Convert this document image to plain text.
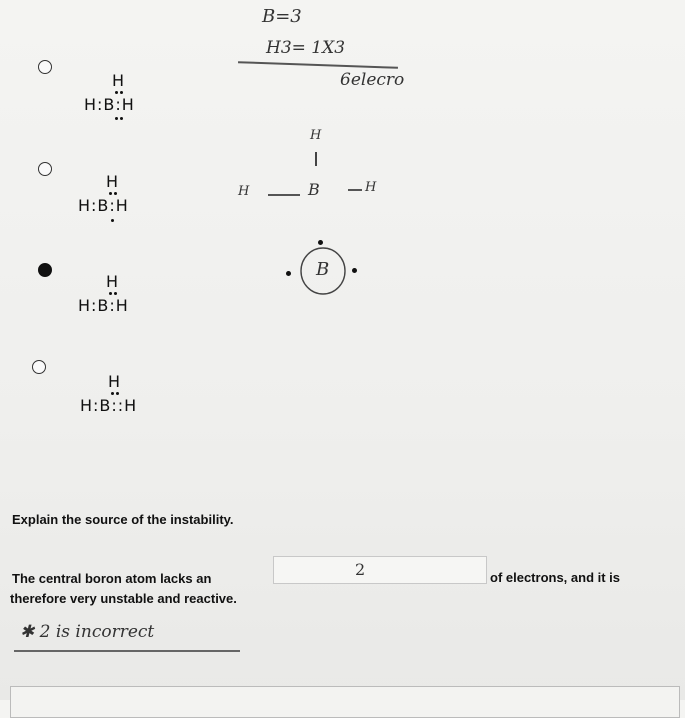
H
H:B:H
H
H:B:H
H
H:B:H
H
H:B::H
B=3
H3= 1X3
6elecro
H
H	B	H
B
Explain the source of the instability.
The central boron atom lacks an	2	of electrons, and it is
therefore very unstable and reactive.
✱ 2 is incorrect
